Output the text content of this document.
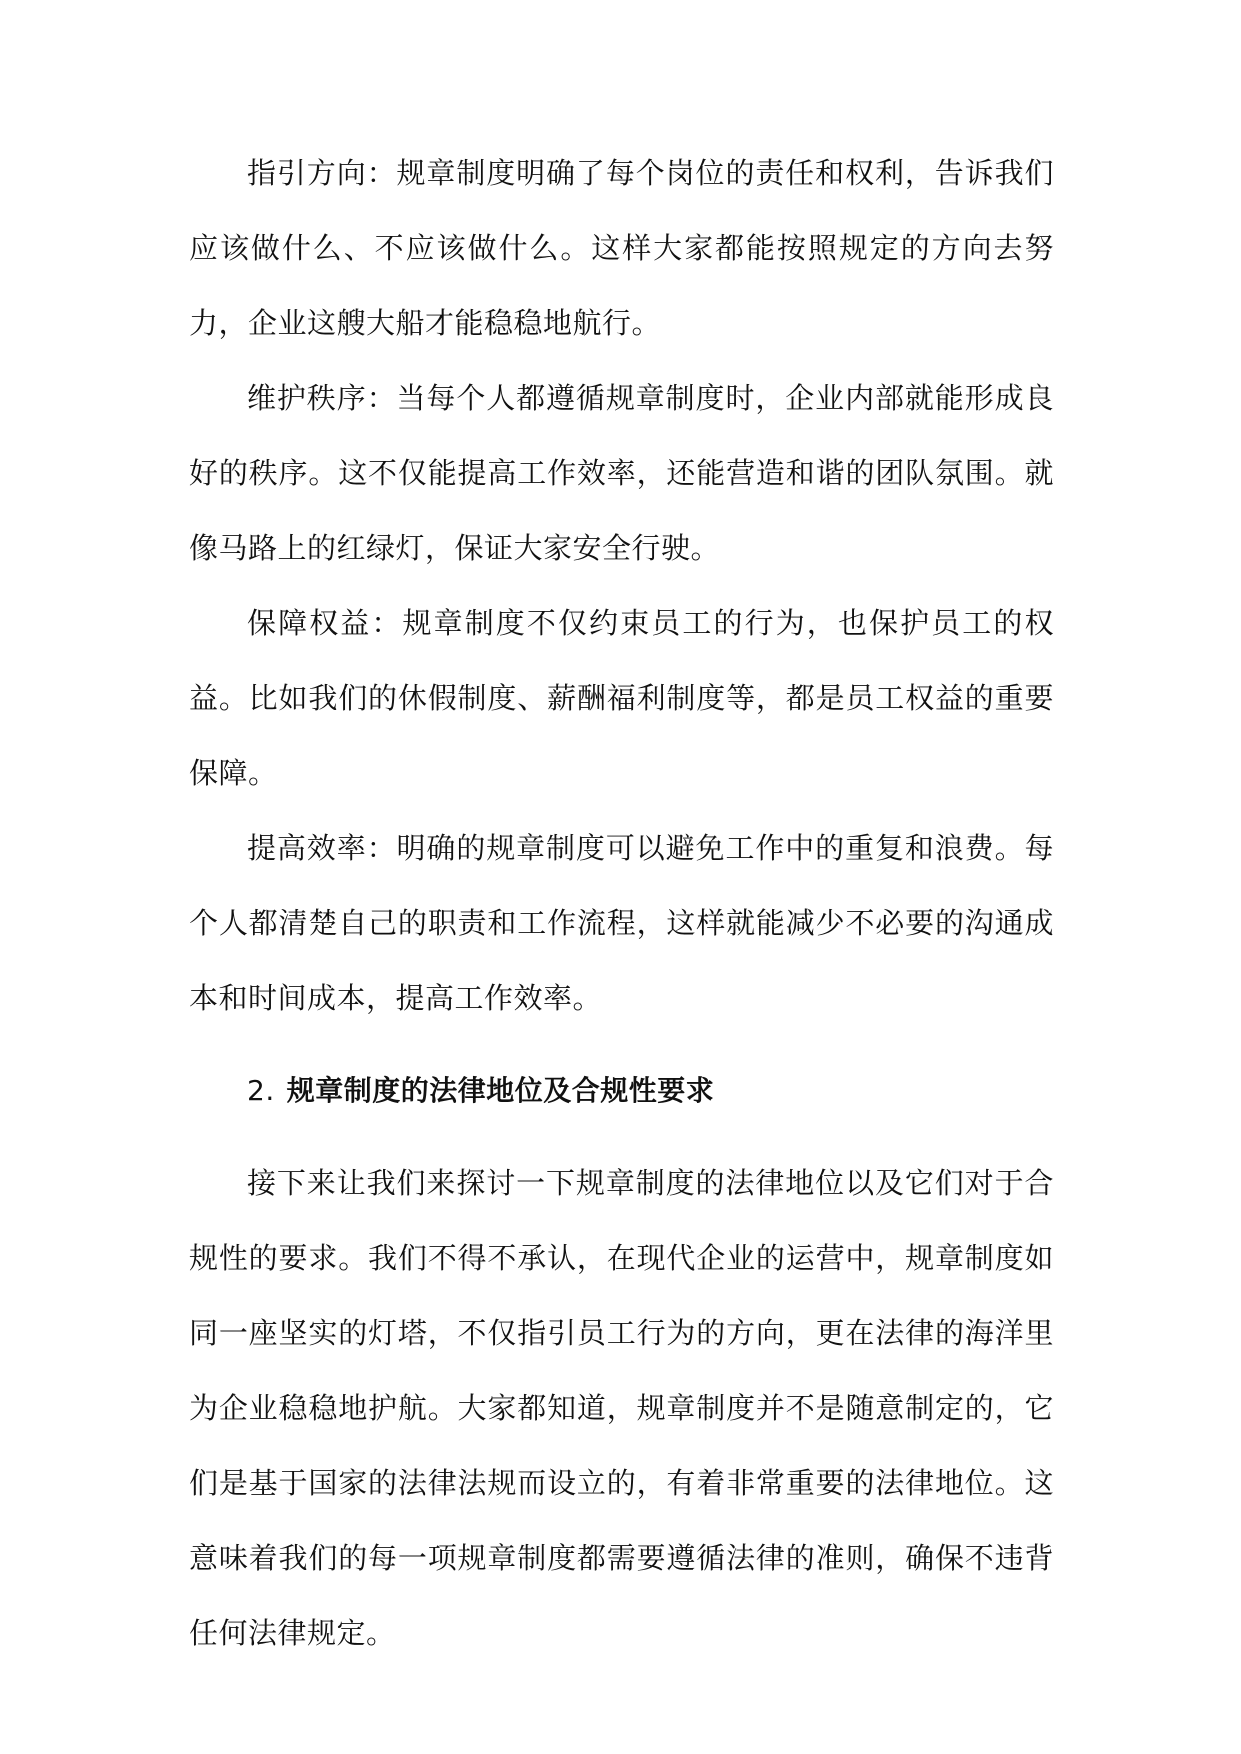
指引方向：规章制度明确了每个岗位的责任和权利，告诉我们应该做什么、不应该做什么。这样大家都能按照规定的方向去努力，企业这艘大船才能稳稳地航行。

维护秩序：当每个人都遵循规章制度时，企业内部就能形成良好的秩序。这不仅能提高工作效率，还能营造和谐的团队氛围。就像马路上的红绿灯，保证大家安全行驶。

保障权益：规章制度不仅约束员工的行为，也保护员工的权益。比如我们的休假制度、薪酬福利制度等，都是员工权益的重要保障。

提高效率：明确的规章制度可以避免工作中的重复和浪费。每个人都清楚自己的职责和工作流程，这样就能减少不必要的沟通成本和时间成本，提高工作效率。

2. 规章制度的法律地位及合规性要求

接下来让我们来探讨一下规章制度的法律地位以及它们对于合规性的要求。我们不得不承认，在现代企业的运营中，规章制度如同一座坚实的灯塔，不仅指引员工行为的方向，更在法律的海洋里为企业稳稳地护航。大家都知道，规章制度并不是随意制定的，它们是基于国家的法律法规而设立的，有着非常重要的法律地位。这意味着我们的每一项规章制度都需要遵循法律的准则，确保不违背任何法律规定。
